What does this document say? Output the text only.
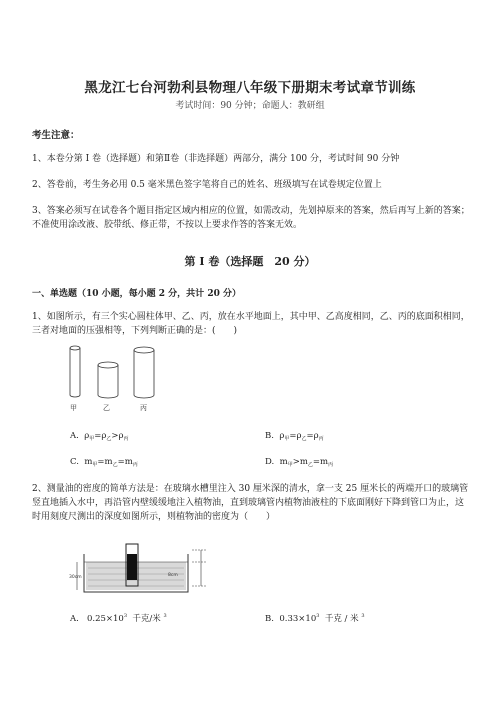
黑龙江七台河勃利县物理八年级下册期末考试章节训练
考试时间：90 分钟；命题人：教研组
考生注意：
1、本卷分第 I 卷（选择题）和第Ⅱ卷（非选择题）两部分，满分 100 分，考试时间 90 分钟
2、答卷前，考生务必用 0.5 毫米黑色签字笔将自己的姓名、班级填写在试卷规定位置上
3、答案必须写在试卷各个题目指定区域内相应的位置，如需改动，先划掉原来的答案，然后再写上新的答案；不准使用涂改液、胶带纸、修正带，不按以上要求作答的答案无效。
第 I 卷（选择题　20 分）
一、单选题（10 小题，每小题 2 分，共计 20 分）
1、如图所示，有三个实心圆柱体甲、乙、丙，放在水平地面上，其中甲、乙高度相同，乙、丙的底面积相同，三者对地面的压强相等，下列判断正确的是：(　　)
甲	乙	丙
A. $\rho_甲=\rho_乙>\rho_丙$	B. $\rho_甲=\rho_乙=\rho_丙$
C. $m_甲=m_乙=m_丙$	D. $m_甲>m_乙=m_丙$
2、测量油的密度的简单方法是：在玻璃水槽里注入 30 厘米深的清水，拿一支 25 厘米长的两端开口的玻璃管竖直地插入水中，再沿管内壁缓缓地注入植物油，直到玻璃管内植物油液柱的下底面刚好下降到管口为止，这时用刻度尺测出的深度如图所示，则植物油的密度为（　　）
30cm	8cm
A. $0.25\times 10^3$ 千克/米 $^3$	B. $0.33\times 10^3$ 千克 / 米 $^3$
